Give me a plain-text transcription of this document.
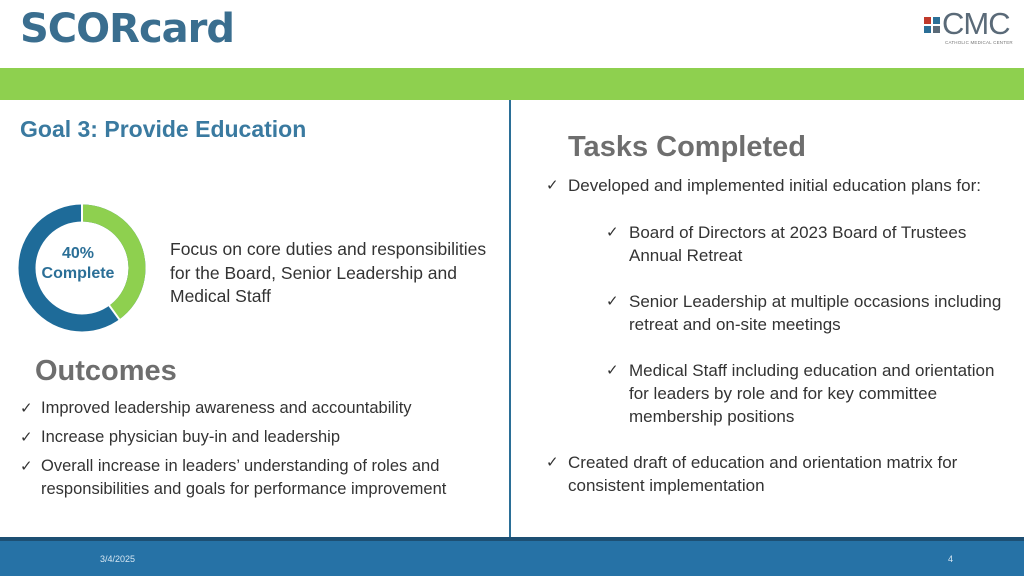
SCORcard	CMC
CATHOLIC MEDICAL CENTER
Goal 3: Provide Education
40%
Complete
Focus on core duties and responsibilities for the Board, Senior Leadership and Medical Staff
Outcomes
✓ Improved leadership awareness and accountability
✓ Increase physician buy-in and leadership
✓ Overall increase in leaders’ understanding of roles and responsibilities and goals for performance improvement
Tasks Completed
✓ Developed and implemented initial education plans for:
✓ Board of Directors at 2023 Board of Trustees Annual Retreat
✓ Senior Leadership at multiple occasions including retreat and on-site meetings
✓ Medical Staff including education and orientation for leaders by role and for key committee membership positions
✓ Created draft of education and orientation matrix for consistent implementation
3/4/2025	4
